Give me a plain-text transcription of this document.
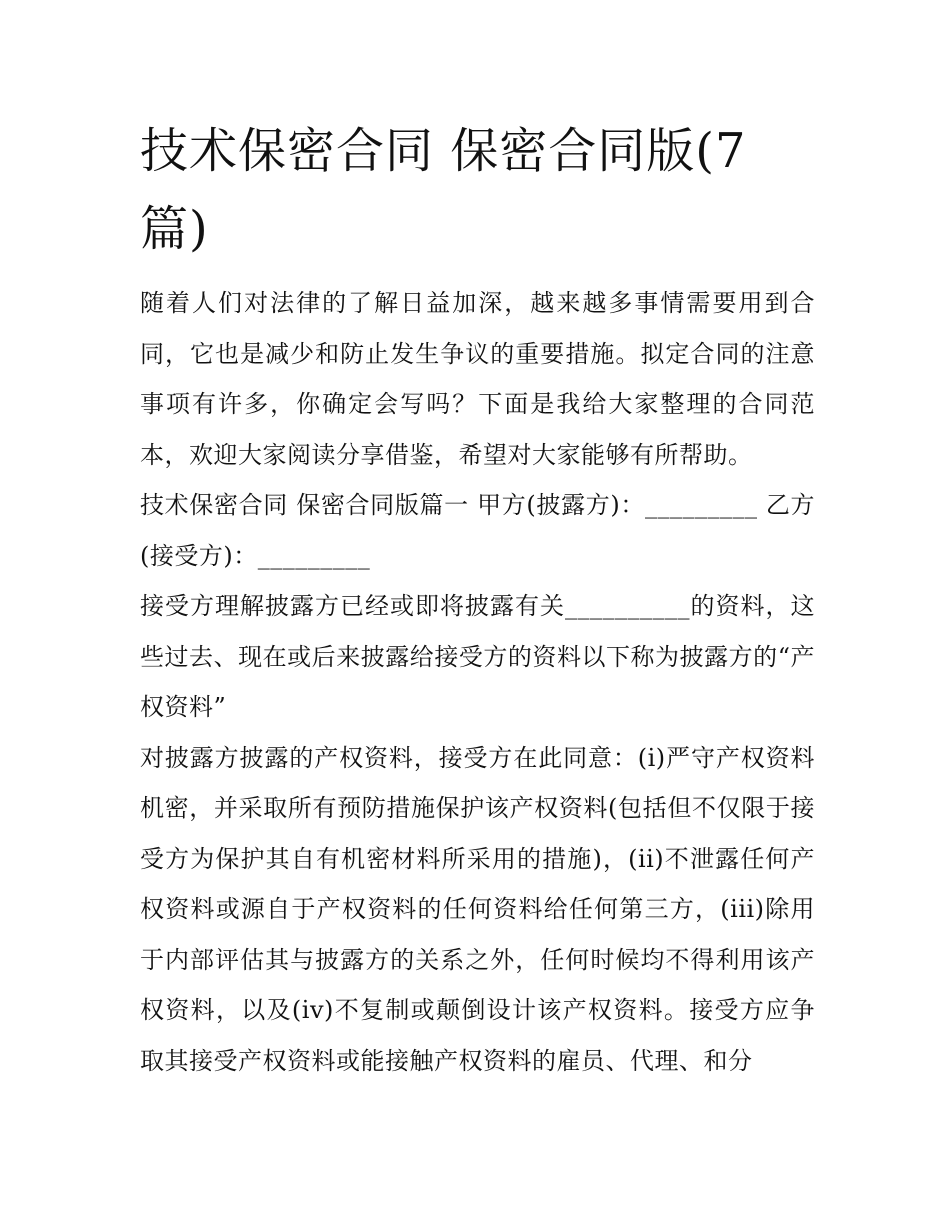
技术保密合同 保密合同版(7篇)

随着人们对法律的了解日益加深，越来越多事情需要用到合同，它也是减少和防止发生争议的重要措施。拟定合同的注意事项有许多，你确定会写吗？下面是我给大家整理的合同范本，欢迎大家阅读分享借鉴，希望对大家能够有所帮助。

技术保密合同 保密合同版篇一 甲方(披露方)：_________ 乙方(接受方)：_________

接受方理解披露方已经或即将披露有关__________的资料，这些过去、现在或后来披露给接受方的资料以下称为披露方的“产权资料”

对披露方披露的产权资料，接受方在此同意：(i)严守产权资料机密，并采取所有预防措施保护该产权资料(包括但不仅限于接受方为保护其自有机密材料所采用的措施)，(ii)不泄露任何产权资料或源自于产权资料的任何资料给任何第三方，(iii)除用于内部评估其与披露方的关系之外，任何时候均不得利用该产权资料，以及(iv)不复制或颠倒设计该产权资料。接受方应争取其接受产权资料或能接触产权资料的雇员、代理、和分
